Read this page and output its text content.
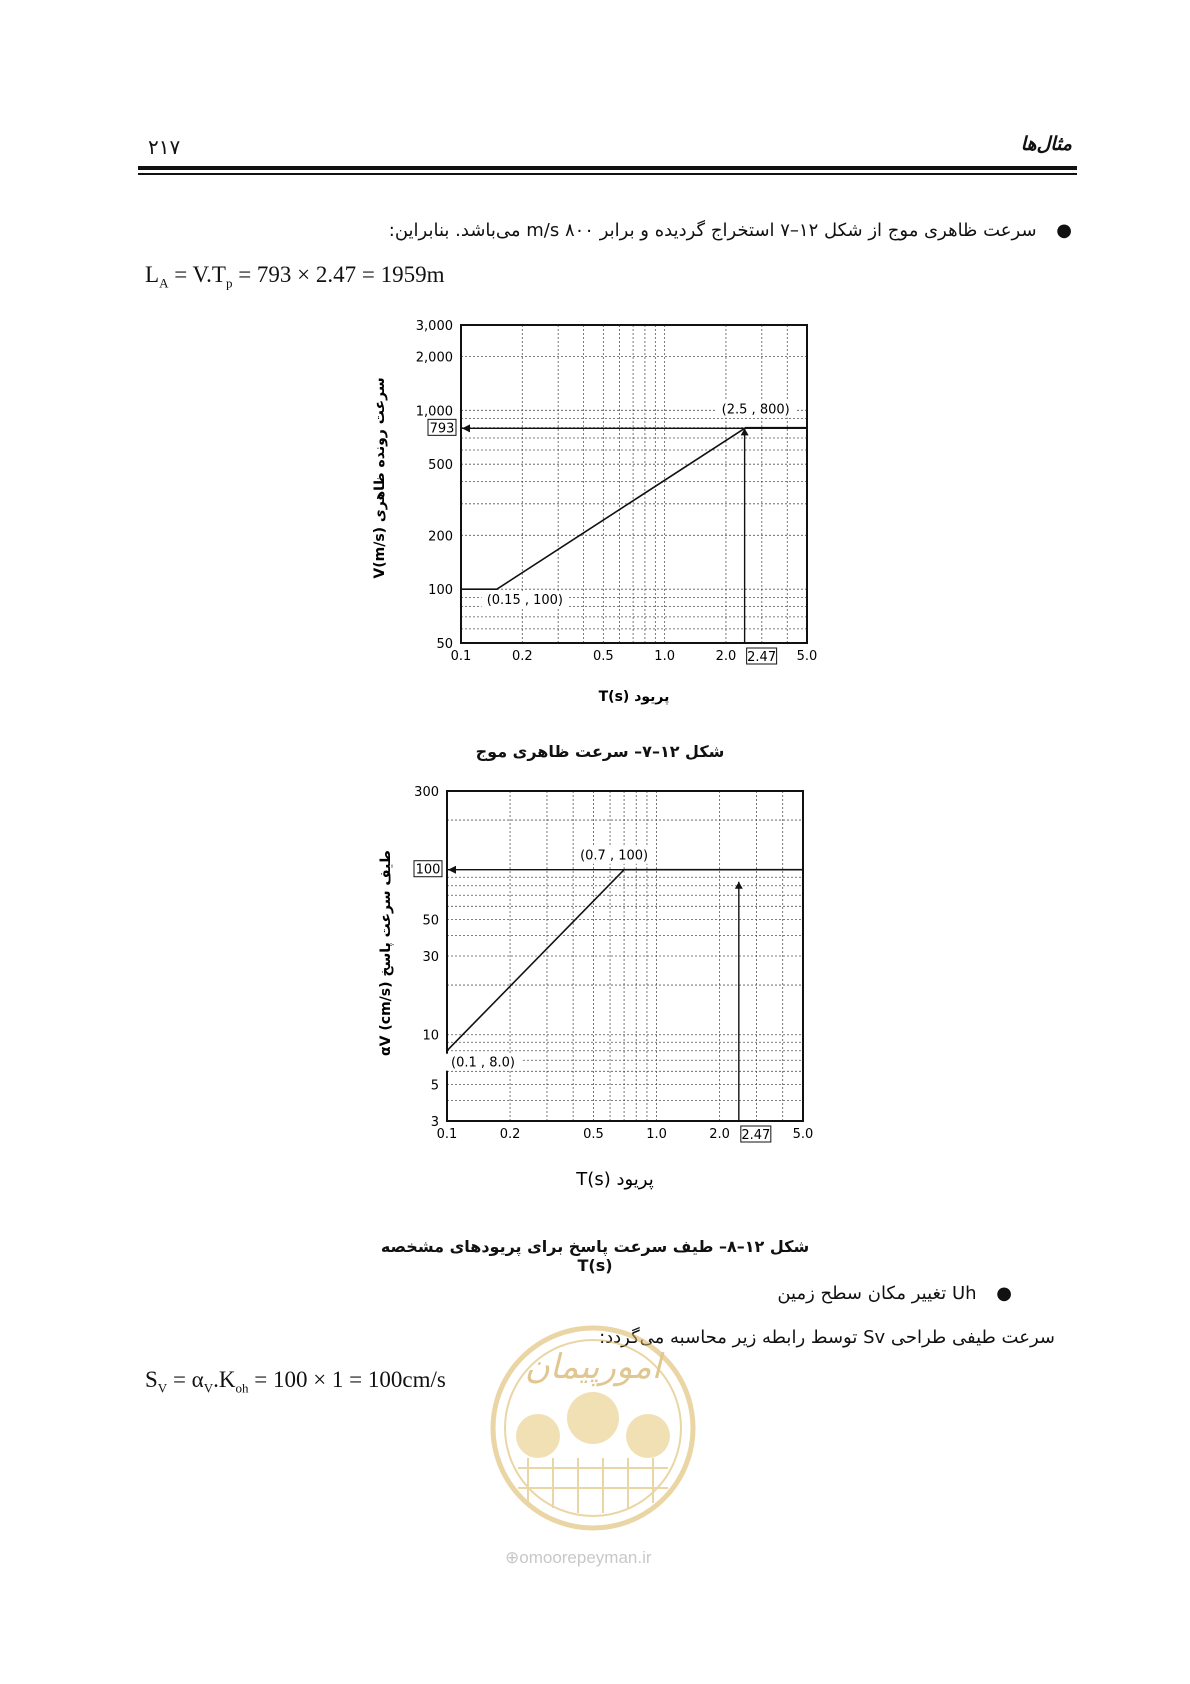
۲۱۷	مثال‌ها
● سرعت ظاهری موج از شکل ۱۲–۷ استخراج گردیده و برابر m/s ۸۰۰ می‌باشد. بنابراین:
$L_A = V.T_p = 793 \times 2.47 = 1959m$
0.1	0.2	0.5	1.0	2.0	5.0
50
100
200
500
1,000
2,000
3,000
2.47
793
(0.15 , 100)
(2.5 , 800)
V(m/s) سرعت رونده ظاهری
T(s) پریود
شکل ۱۲–۷– سرعت ظاهری موج
0.1	0.2	0.5	1.0	2.0	5.0
3
5
10
30
50
300
2.47
100
(0.1 , 8.0)
(0.7 , 100)
αV (cm/s) طیف سرعت پاسخ
T(s) پریود
شکل ۱۲–۸– طیف سرعت پاسخ برای پریودهای مشخصه T(s)
● Uh تغییر مکان سطح زمین
سرعت طیفی طراحی Sv توسط رابطه زیر محاسبه می‌گردد:
$S_V = \alpha_V.K_{oh} = 100 \times 1 = 100cm/s$ امورپیمان
⊕omoorepeyman.ir
